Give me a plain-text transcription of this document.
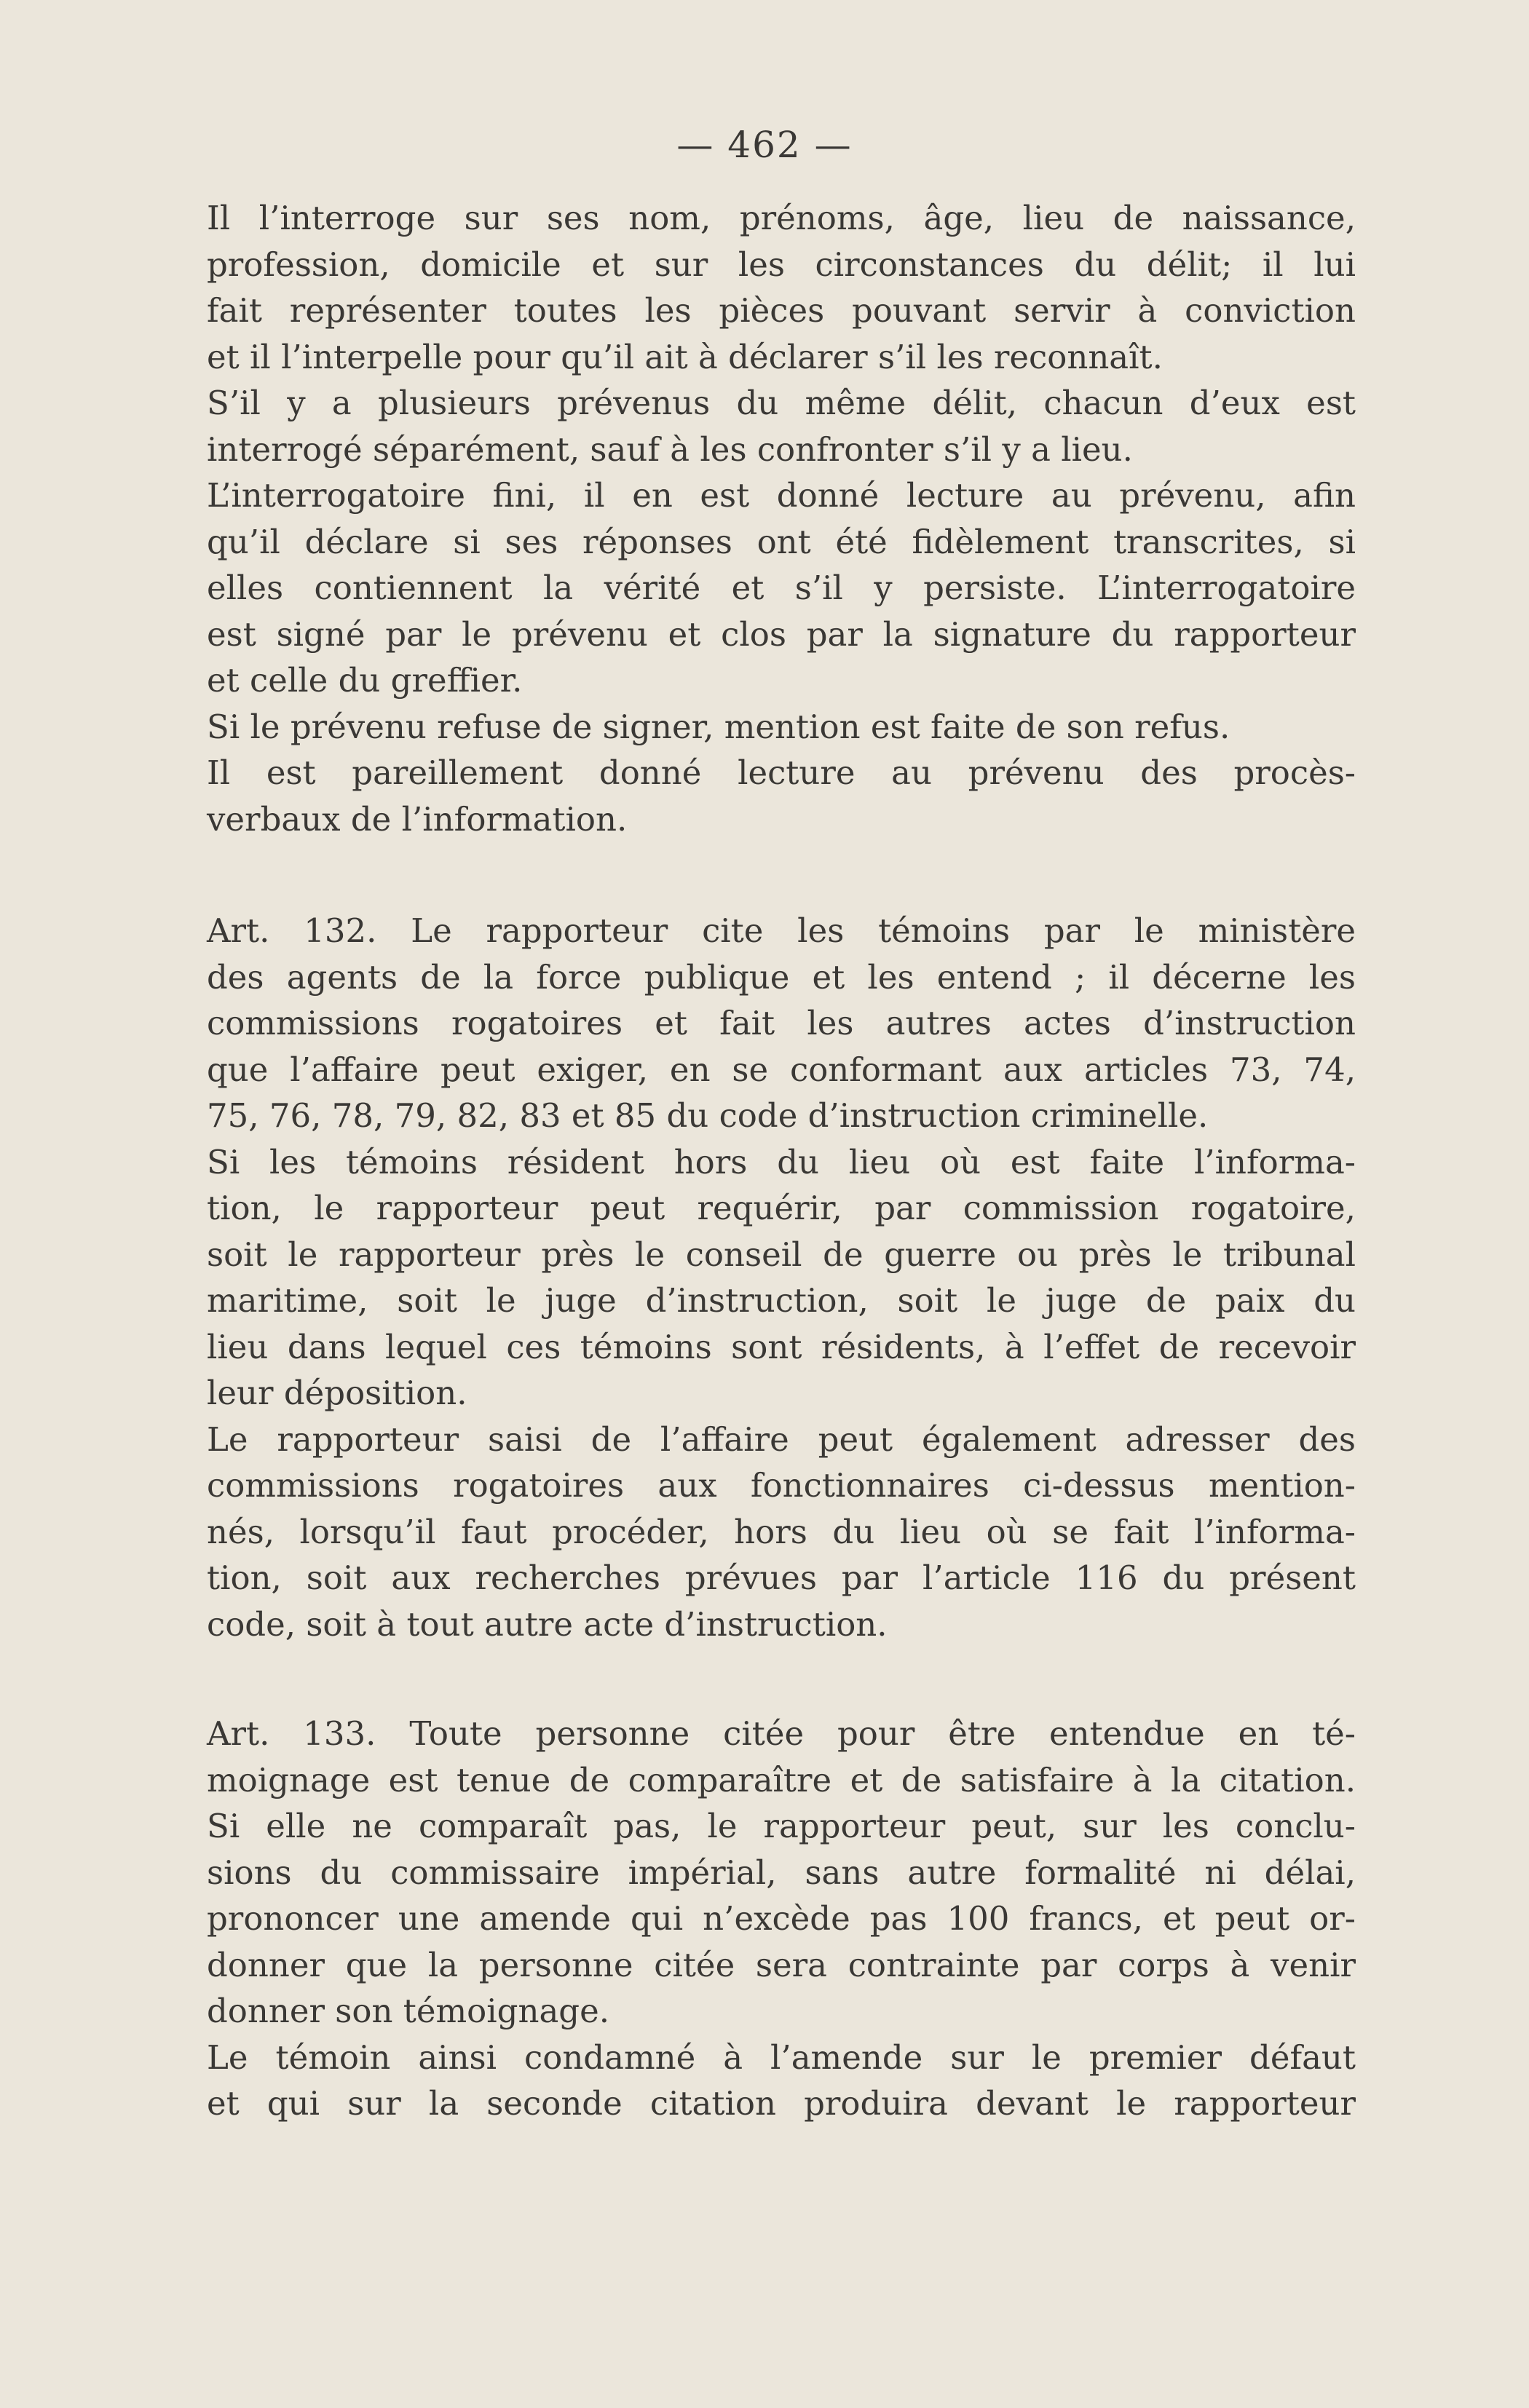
— 462 —

Il l’interroge sur ses nom, prénoms, âge, lieu de naissance,
profession, domicile et sur les circonstances du délit; il lui
fait représenter toutes les pièces pouvant servir à conviction
et il l’interpelle pour qu’il ait à déclarer s’il les reconnaît.

S’il y a plusieurs prévenus du même délit, chacun d’eux est
interrogé séparément, sauf à les confronter s’il y a lieu.

L’interrogatoire fini, il en est donné lecture au prévenu, afin
qu’il déclare si ses réponses ont été fidèlement transcrites, si
elles contiennent la vérité et s’il y persiste. L’interrogatoire
est signé par le prévenu et clos par la signature du rapporteur
et celle du greffier.

Si le prévenu refuse de signer, mention est faite de son refus.

Il est pareillement donné lecture au prévenu des procès-
verbaux de l’information.

Art. 132. Le rapporteur cite les témoins par le ministère
des agents de la force publique et les entend ; il décerne les
commissions rogatoires et fait les autres actes d’instruction
que l’affaire peut exiger, en se conformant aux articles 73, 74,
75, 76, 78, 79, 82, 83 et 85 du code d’instruction criminelle.

Si les témoins résident hors du lieu où est faite l’informa-
tion, le rapporteur peut requérir, par commission rogatoire,
soit le rapporteur près le conseil de guerre ou près le tribunal
maritime, soit le juge d’instruction, soit le juge de paix du
lieu dans lequel ces témoins sont résidents, à l’effet de recevoir
leur déposition.

Le rapporteur saisi de l’affaire peut également adresser des
commissions rogatoires aux fonctionnaires ci-dessus mention-
nés, lorsqu’il faut procéder, hors du lieu où se fait l’informa-
tion, soit aux recherches prévues par l’article 116 du présent
code, soit à tout autre acte d’instruction.

Art. 133. Toute personne citée pour être entendue en té-
moignage est tenue de comparaître et de satisfaire à la citation.
Si elle ne comparaît pas, le rapporteur peut, sur les conclu-
sions du commissaire impérial, sans autre formalité ni délai,
prononcer une amende qui n’excède pas 100 francs, et peut or-
donner que la personne citée sera contrainte par corps à venir
donner son témoignage.

Le témoin ainsi condamné à l’amende sur le premier défaut
et qui sur la seconde citation produira devant le rapporteur
